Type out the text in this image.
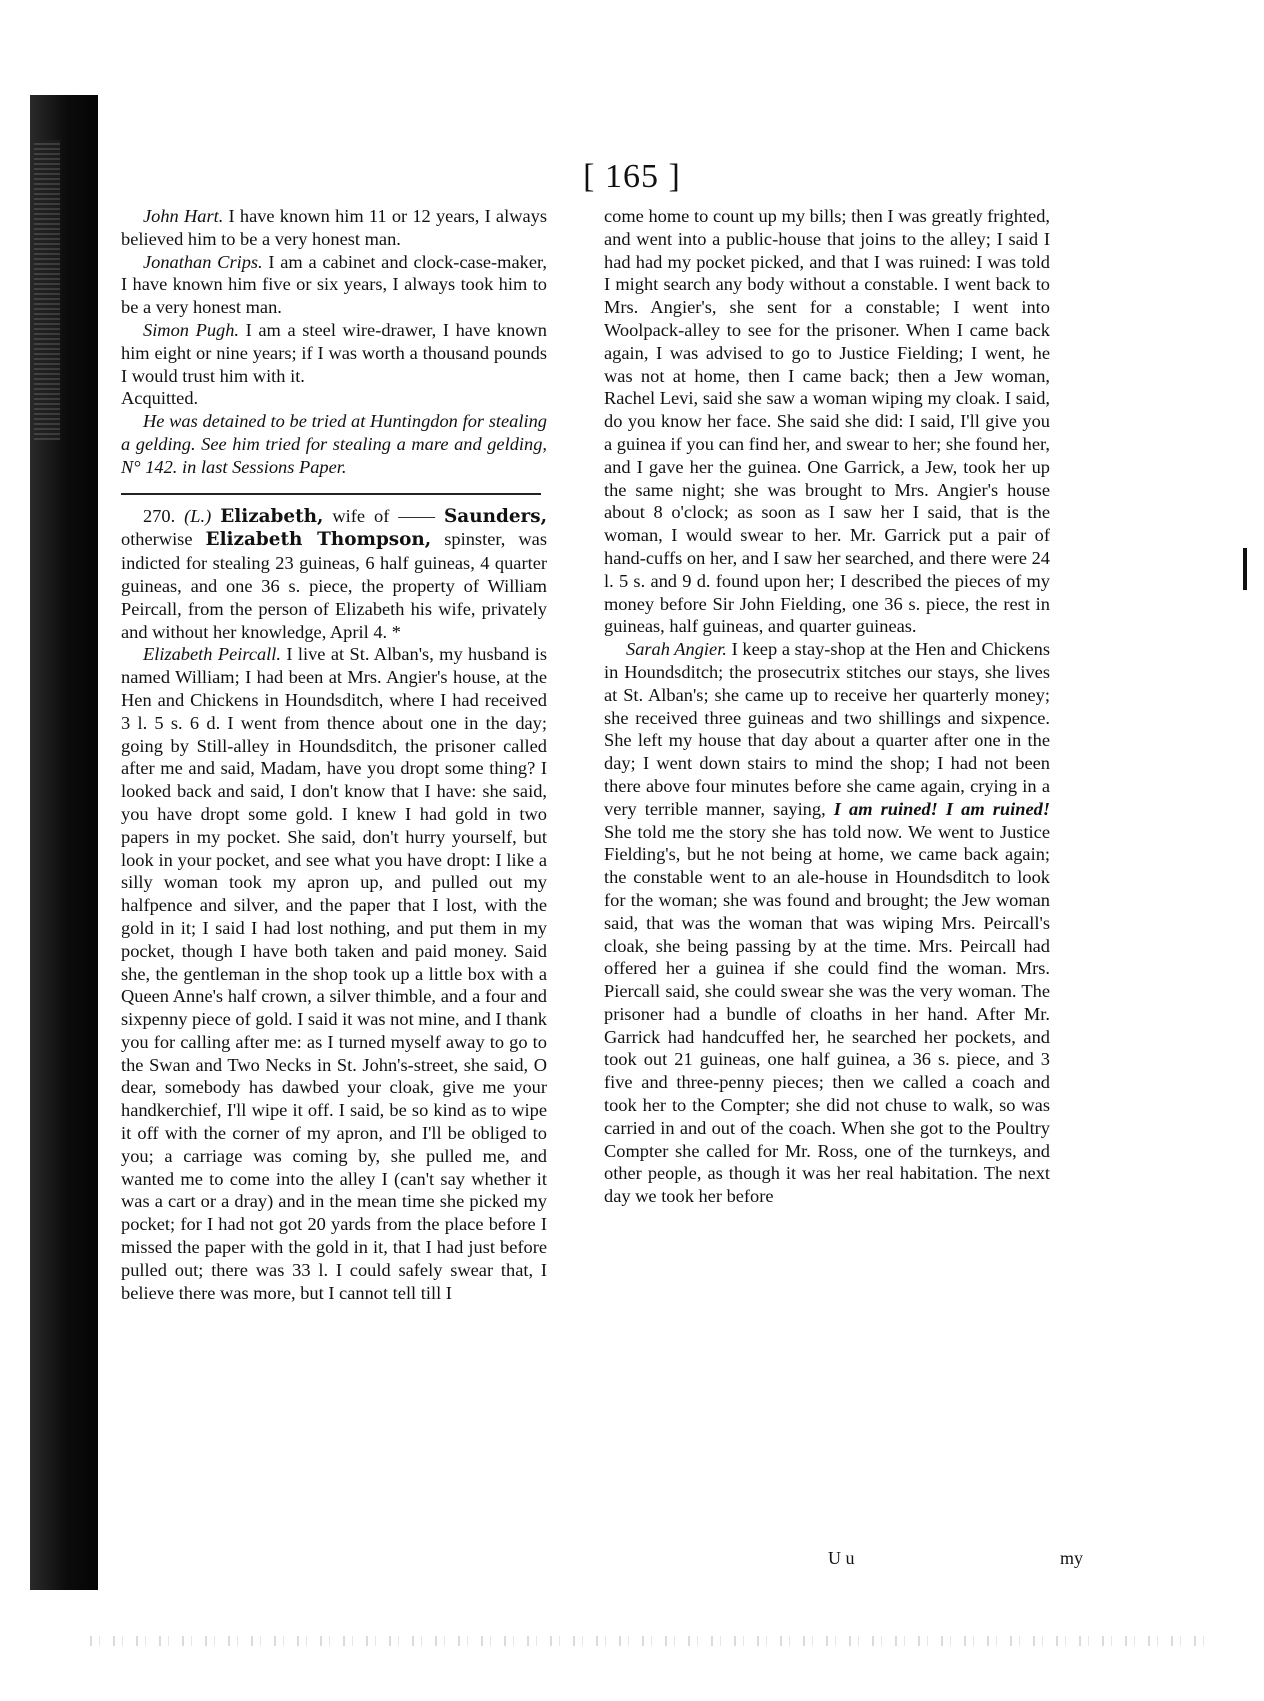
[ 165 ]

John Hart. I have known him 11 or 12 years, I always believed him to be a very honest man.

Jonathan Crips. I am a cabinet and clock-case-maker, I have known him five or six years, I always took him to be a very honest man.

Simon Pugh. I am a steel wire-drawer, I have known him eight or nine years; if I was worth a thousand pounds I would trust him with it.

Acquitted.

He was detained to be tried at Huntingdon for stealing a gelding. See him tried for stealing a mare and gelding, N° 142. in last Sessions Paper.

270. (L.) Elizabeth, wife of —— Saunders, otherwise Elizabeth Thompson, spinster, was indicted for stealing 23 guineas, 6 half guineas, 4 quarter guineas, and one 36 s. piece, the property of William Peircall, from the person of Elizabeth his wife, privately and without her knowledge, April 4. *

Elizabeth Peircall. I live at St. Alban's, my husband is named William; I had been at Mrs. Angier's house, at the Hen and Chickens in Houndsditch, where I had received 3 l. 5 s. 6 d. I went from thence about one in the day; going by Still-alley in Houndsditch, the prisoner called after me and said, Madam, have you dropt some thing? I looked back and said, I don't know that I have: she said, you have dropt some gold. I knew I had gold in two papers in my pocket. She said, don't hurry yourself, but look in your pocket, and see what you have dropt: I like a silly woman took my apron up, and pulled out my halfpence and silver, and the paper that I lost, with the gold in it; I said I had lost nothing, and put them in my pocket, though I have both taken and paid money. Said she, the gentleman in the shop took up a little box with a Queen Anne's half crown, a silver thimble, and a four and sixpenny piece of gold. I said it was not mine, and I thank you for calling after me: as I turned myself away to go to the Swan and Two Necks in St. John's-street, she said, O dear, somebody has dawbed your cloak, give me your handkerchief, I'll wipe it off. I said, be so kind as to wipe it off with the corner of my apron, and I'll be obliged to you; a carriage was coming by, she pulled me, and wanted me to come into the alley I (can't say whether it was a cart or a dray) and in the mean time she picked my pocket; for I had not got 20 yards from the place before I missed the paper with the gold in it, that I had just before pulled out; there was 33 l. I could safely swear that, I believe there was more, but I cannot tell till I

come home to count up my bills; then I was greatly frighted, and went into a public-house that joins to the alley; I said I had had my pocket picked, and that I was ruined: I was told I might search any body without a constable. I went back to Mrs. Angier's, she sent for a constable; I went into Woolpack-alley to see for the prisoner. When I came back again, I was advised to go to Justice Fielding; I went, he was not at home, then I came back; then a Jew woman, Rachel Levi, said she saw a woman wiping my cloak. I said, do you know her face. She said she did: I said, I'll give you a guinea if you can find her, and swear to her; she found her, and I gave her the guinea. One Garrick, a Jew, took her up the same night; she was brought to Mrs. Angier's house about 8 o'clock; as soon as I saw her I said, that is the woman, I would swear to her. Mr. Garrick put a pair of hand-cuffs on her, and I saw her searched, and there were 24 l. 5 s. and 9 d. found upon her; I described the pieces of my money before Sir John Fielding, one 36 s. piece, the rest in guineas, half guineas, and quarter guineas.

Sarah Angier. I keep a stay-shop at the Hen and Chickens in Houndsditch; the prosecutrix stitches our stays, she lives at St. Alban's; she came up to receive her quarterly money; she received three guineas and two shillings and sixpence. She left my house that day about a quarter after one in the day; I went down stairs to mind the shop; I had not been there above four minutes before she came again, crying in a very terrible manner, saying, I am ruined! I am ruined! She told me the story she has told now. We went to Justice Fielding's, but he not being at home, we came back again; the constable went to an ale-house in Houndsditch to look for the woman; she was found and brought; the Jew woman said, that was the woman that was wiping Mrs. Peircall's cloak, she being passing by at the time. Mrs. Peircall had offered her a guinea if she could find the woman. Mrs. Piercall said, she could swear she was the very woman. The prisoner had a bundle of cloaths in her hand. After Mr. Garrick had handcuffed her, he searched her pockets, and took out 21 guineas, one half guinea, a 36 s. piece, and 3 five and three-penny pieces; then we called a coach and took her to the Compter; she did not chuse to walk, so was carried in and out of the coach. When she got to the Poultry Compter she called for Mr. Ross, one of the turnkeys, and other people, as though it was her real habitation. The next day we took her before

U u	my
